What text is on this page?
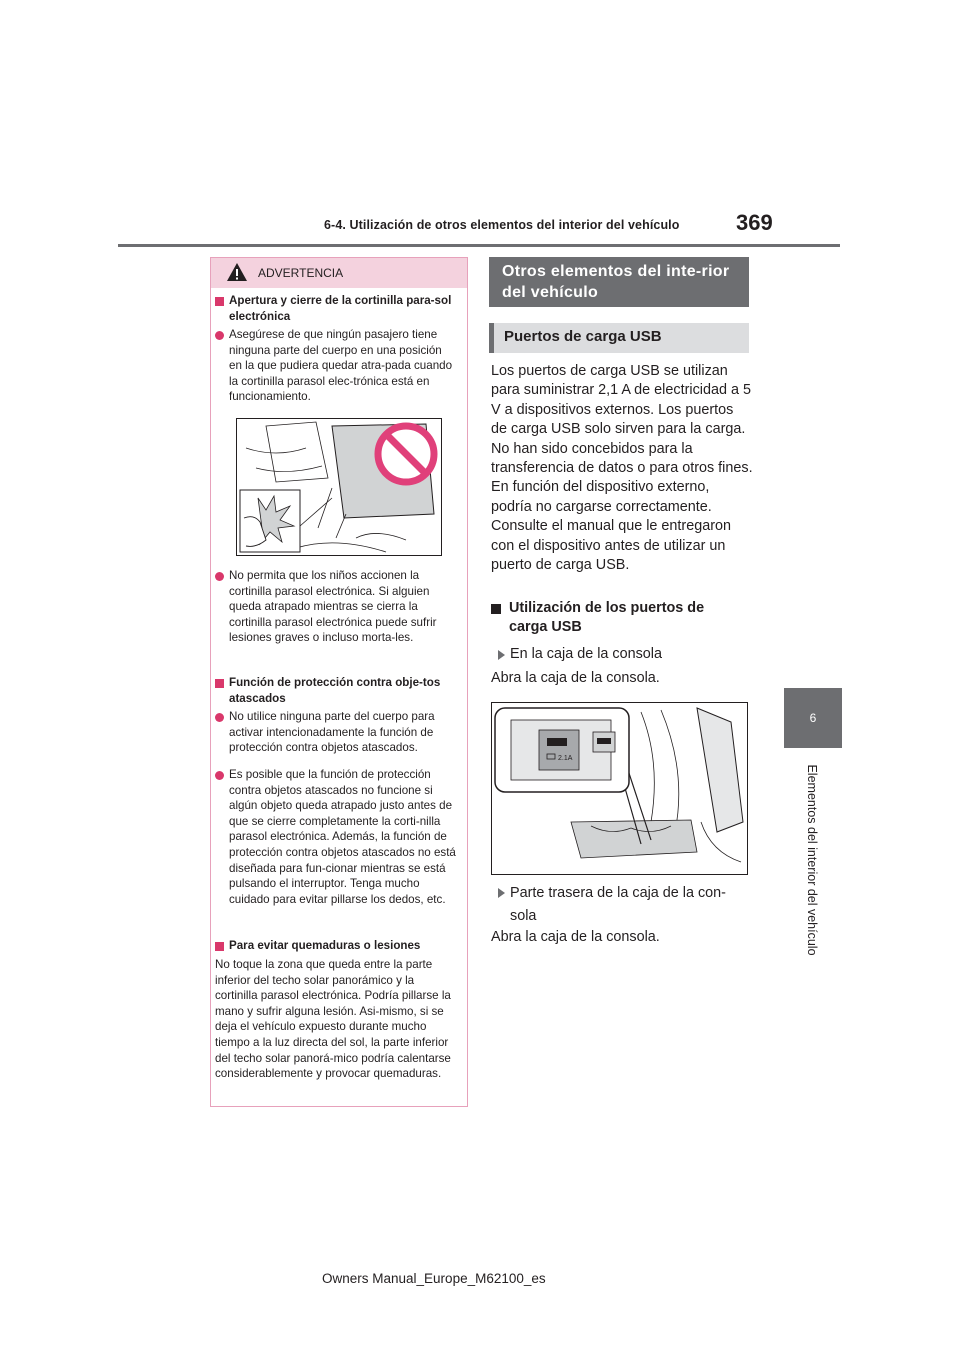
6-4. Utilización de otros elementos del interior del vehículo	369
6
Elementos del interior del vehículo
ADVERTENCIA
Apertura y cierre de la cortinilla para-sol electrónica
Asegúrese de que ningún pasajero tiene ninguna parte del cuerpo en una posición en la que pudiera quedar atra-pada cuando la cortinilla parasol elec-trónica está en funcionamiento.
No permita que los niños accionen la cortinilla parasol electrónica. Si alguien queda atrapado mientras se cierra la cortinilla parasol electrónica puede sufrir lesiones graves o incluso morta-les.
Función de protección contra obje-tos atascados
No utilice ninguna parte del cuerpo para activar intencionadamente la función de protección contra objetos atascados.
Es posible que la función de protección contra objetos atascados no funcione si algún objeto queda atrapado justo antes de que se cierre completamente la corti-nilla parasol electrónica. Además, la función de protección contra objetos atascados no está diseñada para fun-cionar mientras se está pulsando el interruptor. Tenga mucho cuidado para evitar pillarse los dedos, etc.
Para evitar quemaduras o lesiones
No toque la zona que queda entre la parte inferior del techo solar panorámico y la cortinilla parasol electrónica. Podría pillarse la mano y sufrir alguna lesión. Asi-mismo, si se deja el vehículo expuesto durante mucho tiempo a la luz directa del sol, la parte inferior del techo solar panorá-mico podría calentarse considerablemente y provocar quemaduras.
Otros elementos del inte-rior del vehículo
Puertos de carga USB
Los puertos de carga USB se utilizan para suministrar 2,1 A de electricidad a 5 V a dispositivos externos. Los puertos de carga USB solo sirven para la carga. No han sido concebidos para la transferencia de datos o para otros fines. En función del dispositivo externo, podría no cargarse correctamente. Consulte el manual que le entregaron con el dispositivo antes de utilizar un puerto de carga USB.
Utilización de los puertos de carga USB
En la caja de la consola
Abra la caja de la consola.
2.1A
Parte trasera de la caja de la con-sola
Abra la caja de la consola.
Owners Manual_Europe_M62100_es
